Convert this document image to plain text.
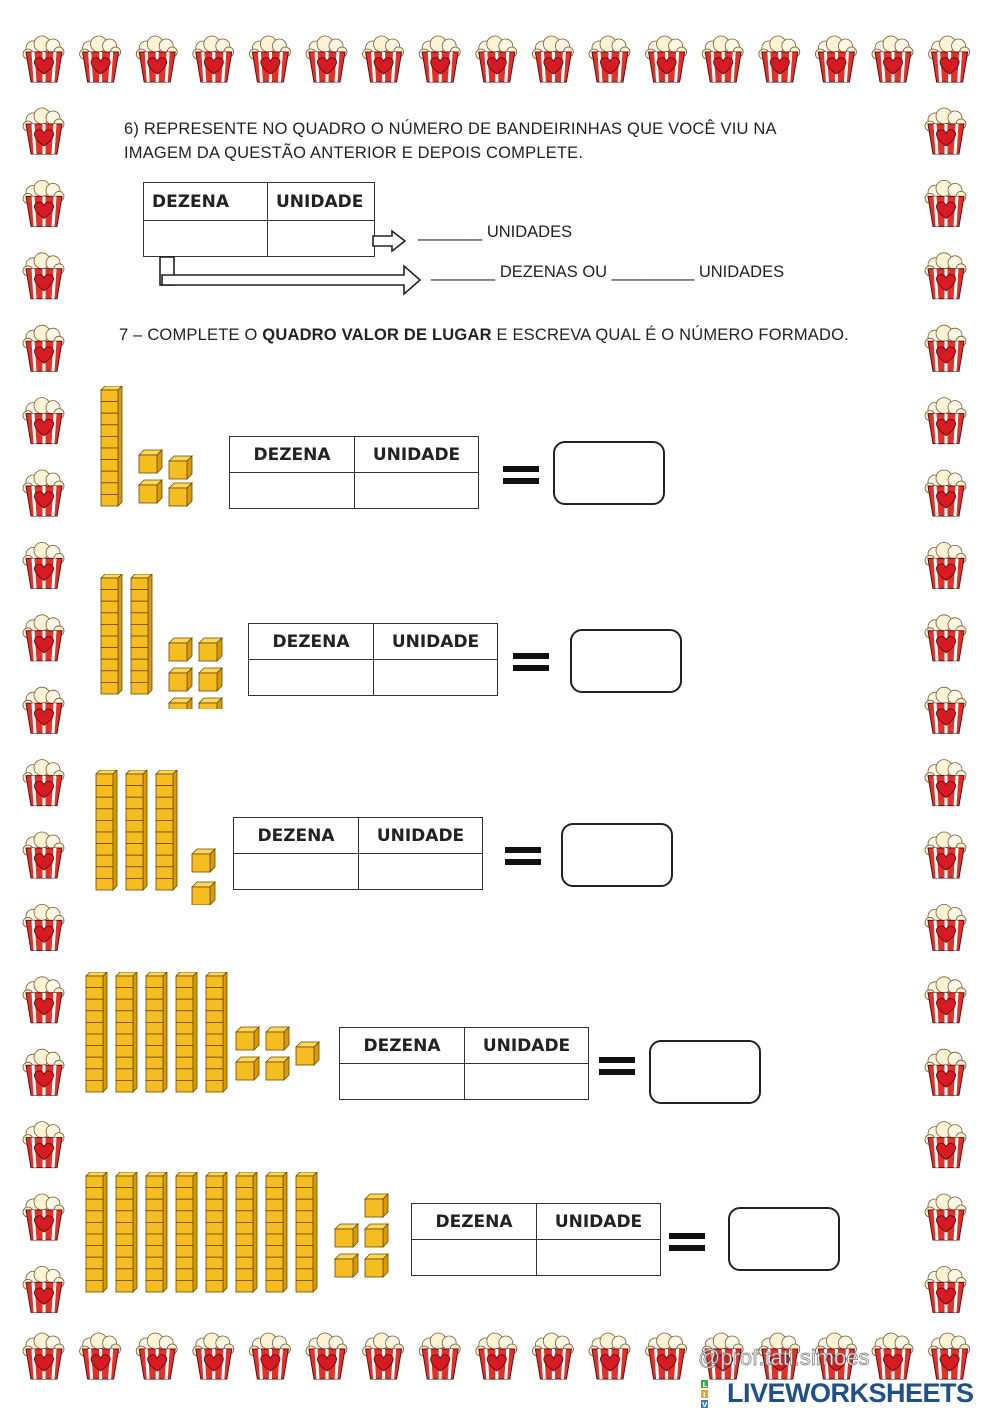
6) REPRESENTE NO QUADRO O NÚMERO DE BANDEIRINHAS QUE VOCÊ VIU NA
IMAGEM DA QUESTÃO ANTERIOR E DEPOIS COMPLETE.
DEZENA	UNIDADE

_______ UNIDADES
_______ DEZENAS OU _________ UNIDADES
7 – COMPLETE O QUADRO VALOR DE LUGAR E ESCREVA QUAL É O NÚMERO FORMADO.
DEZENA	UNIDADE

DEZENA	UNIDADE

DEZENA	UNIDADE

DEZENA	UNIDADE

DEZENA	UNIDADE

@prof.tati.simoes
L
I
V LIVEWORKSHEETS
